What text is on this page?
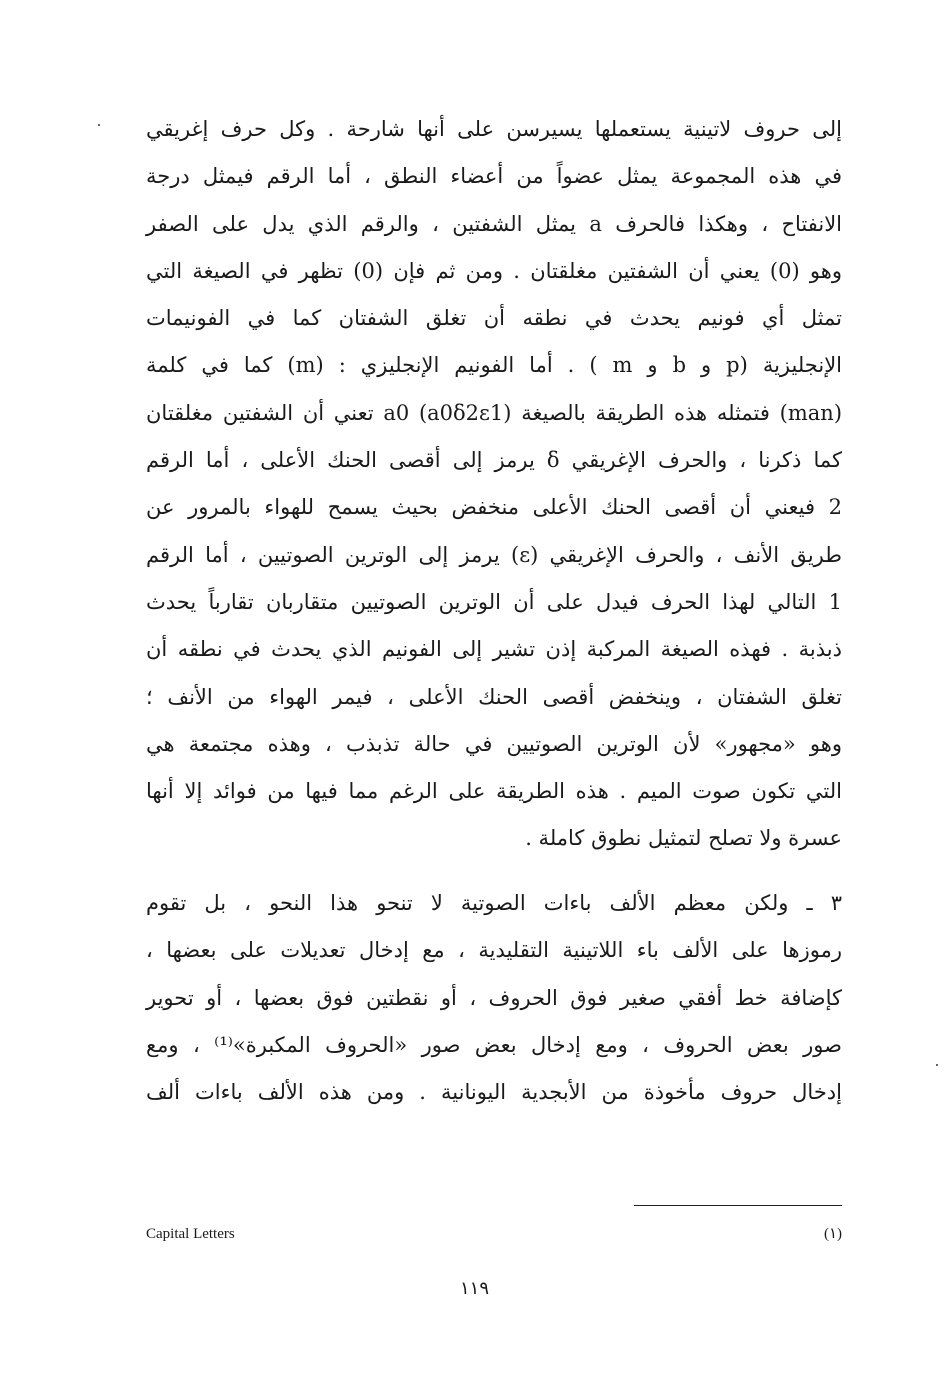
إلى حروف لاتينية يستعملها يسيرسن على أنها شارحة . وكل حرف إغريقي
في هذه المجموعة يمثل عضواً من أعضاء النطق ، أما الرقم فيمثل درجة
الانفتاح ، وهكذا فالحرف a يمثل الشفتين ، والرقم الذي يدل على الصفر
وهو (0) يعني أن الشفتين مغلقتان . ومن ثم فإن (0) تظهر في الصيغة التي
تمثل أي فونيم يحدث في نطقه أن تغلق الشفتان كما في الفونيمات
الإنجليزية (p و b و m ) . أما الفونيم الإنجليزي : (m) كما في كلمة
(man) فتمثله هذه الطريقة بالصيغة (a0 (a0δ2ε1 تعني أن الشفتين مغلقتان
كما ذكرنا ، والحرف الإغريقي δ يرمز إلى أقصى الحنك الأعلى ، أما الرقم
2 فيعني أن أقصى الحنك الأعلى منخفض بحيث يسمح للهواء بالمرور عن
طريق الأنف ، والحرف الإغريقي (ε) يرمز إلى الوترين الصوتيين ، أما الرقم
1 التالي لهذا الحرف فيدل على أن الوترين الصوتيين متقاربان تقارباً يحدث
ذبذبة . فهذه الصيغة المركبة إذن تشير إلى الفونيم الذي يحدث في نطقه أن
تغلق الشفتان ، وينخفض أقصى الحنك الأعلى ، فيمر الهواء من الأنف ؛
وهو «مجهور» لأن الوترين الصوتيين في حالة تذبذب ، وهذه مجتمعة هي
التي تكون صوت الميم . هذه الطريقة على الرغم مما فيها من فوائد إلا أنها
عسرة ولا تصلح لتمثيل نطوق كاملة .
٣ ـ ولكن معظم الألف باءات الصوتية لا تنحو هذا النحو ، بل تقوم
رموزها على الألف باء اللاتينية التقليدية ، مع إدخال تعديلات على بعضها ،
كإضافة خط أفقي صغير فوق الحروف ، أو نقطتين فوق بعضها ، أو تحوير
صور بعض الحروف ، ومع إدخال بعض صور «الحروف المكبرة»⁽¹⁾ ، ومع
إدخال حروف مأخوذة من الأبجدية اليونانية . ومن هذه الألف باءات ألف
Capital Letters	(١)
١١٩
